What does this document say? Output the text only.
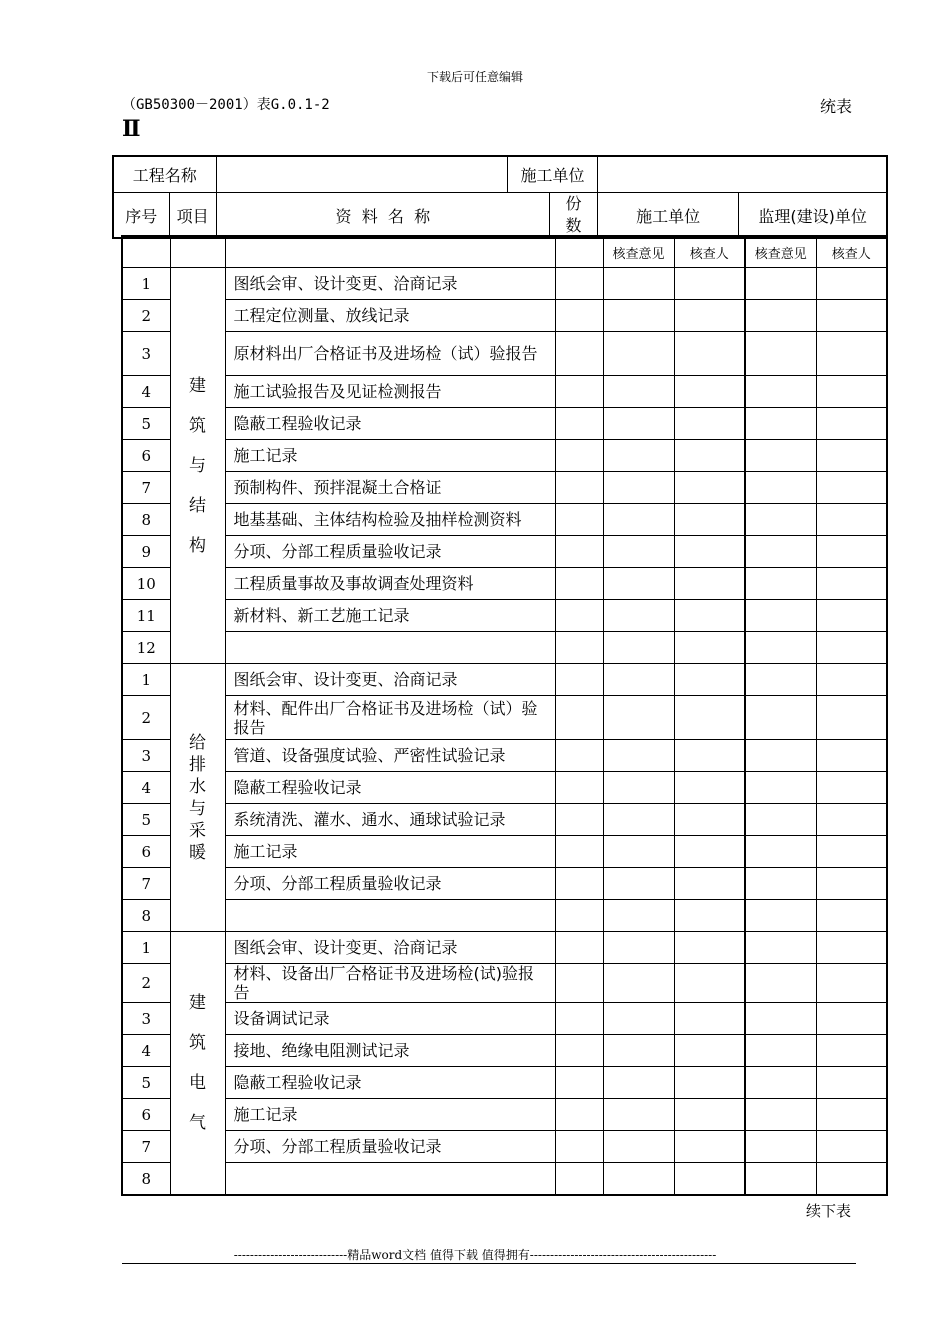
下载后可任意编辑
（GB50300－2001）表G.0.1-2
Ⅱ
统表
工程名称			施工单位			
序号	项目	资  料  名  称		份数	施工单位	监理(建设)单位
				核查意见	核查人	核查意见	核查人
1	建筑与结构	图纸会审、设计变更、洽商记录					
2		工程定位测量、放线记录					
3		原材料出厂合格证书及进场检（试）验报告					
4		施工试验报告及见证检测报告					
5		隐蔽工程验收记录					
6		施工记录					
7		预制构件、预拌混凝土合格证					
8		地基基础、主体结构检验及抽样检测资料					
9		分项、分部工程质量验收记录					
10		工程质量事故及事故调查处理资料					
11		新材料、新工艺施工记录					
12							
1	给排水与采暖	图纸会审、设计变更、洽商记录					
2		材料、配件出厂合格证书及进场检（试）验报告					
3		管道、设备强度试验、严密性试验记录					
4		隐蔽工程验收记录					
5		系统清洗、灌水、通水、通球试验记录					
6		施工记录					
7		分项、分部工程质量验收记录					
8							
1	建筑电气	图纸会审、设计变更、洽商记录					
2		材料、设备出厂合格证书及进场检(试)验报告					
3		设备调试记录					
4		接地、绝缘电阻测试记录					
5		隐蔽工程验收记录					
6		施工记录					
7		分项、分部工程质量验收记录					
8							
续下表
----------------------------精品word文档 值得下载 值得拥有----------------------------------------------
